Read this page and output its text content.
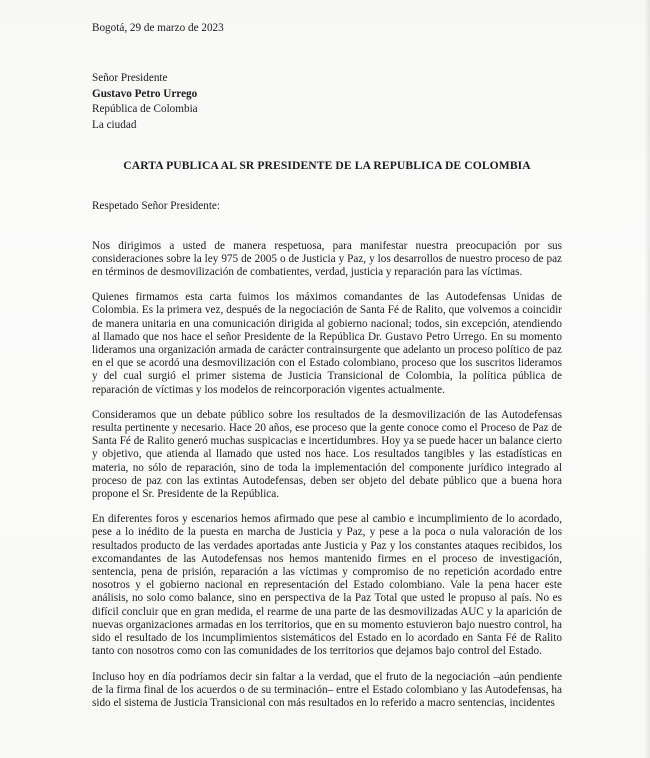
Bogotá, 29 de marzo de 2023
Señor Presidente
Gustavo Petro Urrego
República de Colombia
La ciudad
CARTA PUBLICA AL SR PRESIDENTE DE LA REPUBLICA DE COLOMBIA
Respetado Señor Presidente:

Nos dirigimos a usted de manera respetuosa, para manifestar nuestra preocupación por sus consideraciones sobre la ley 975 de 2005 o de Justicia y Paz, y los desarrollos de nuestro proceso de paz en términos de desmovilización de combatientes, verdad, justicia y reparación para las víctimas.

Quienes firmamos esta carta fuimos los máximos comandantes de las Autodefensas Unidas de Colombia. Es la primera vez, después de la negociación de Santa Fé de Ralito, que volvemos a coincidir de manera unitaria en una comunicación dirigida al gobierno nacional; todos, sin excepción, atendiendo al llamado que nos hace el señor Presidente de la República Dr. Gustavo Petro Urrego. En su momento lideramos una organización armada de carácter contrainsurgente que adelanto un proceso político de paz en el que se acordó una desmovilización con el Estado colombiano, proceso que los suscritos lideramos y del cual surgió el primer sistema de Justicia Transicional de Colombia, la política pública de reparación de víctimas y los modelos de reincorporación vigentes actualmente.

Consideramos que un debate público sobre los resultados de la desmovilización de las Autodefensas resulta pertinente y necesario. Hace 20 años, ese proceso que la gente conoce como el Proceso de Paz de Santa Fé de Ralito generó muchas suspicacias e incertidumbres. Hoy ya se puede hacer un balance cierto y objetivo, que atienda al llamado que usted nos hace. Los resultados tangibles y las estadísticas en materia, no sólo de reparación, sino de toda la implementación del componente jurídico integrado al proceso de paz con las extintas Autodefensas, deben ser objeto del debate público que a buena hora propone el Sr. Presidente de la República.

En diferentes foros y escenarios hemos afirmado que pese al cambio e incumplimiento de lo acordado, pese a lo inédito de la puesta en marcha de Justicia y Paz, y pese a la poca o nula valoración de los resultados producto de las verdades aportadas ante Justicia y Paz y los constantes ataques recibidos, los excomandantes de las Autodefensas nos hemos mantenido firmes en el proceso de investigación, sentencia, pena de prisión, reparación a las víctimas y compromiso de no repetición acordado entre nosotros y el gobierno nacional en representación del Estado colombiano. Vale la pena hacer este análisis, no solo como balance, sino en perspectiva de la Paz Total que usted le propuso al país. No es difícil concluir que en gran medida, el rearme de una parte de las desmovilizadas AUC y la aparición de nuevas organizaciones armadas en los territorios, que en su momento estuvieron bajo nuestro control, ha sido el resultado de los incumplimientos sistemáticos del Estado en lo acordado en Santa Fé de Ralito tanto con nosotros como con las comunidades de los territorios que dejamos bajo control del Estado.

Incluso hoy en día podríamos decir sin faltar a la verdad, que el fruto de la negociación –aún pendiente de la firma final de los acuerdos o de su terminación– entre el Estado colombiano y las Autodefensas, ha sido el sistema de Justicia Transicional con más resultados en lo referido a macro sentencias, incidentes
